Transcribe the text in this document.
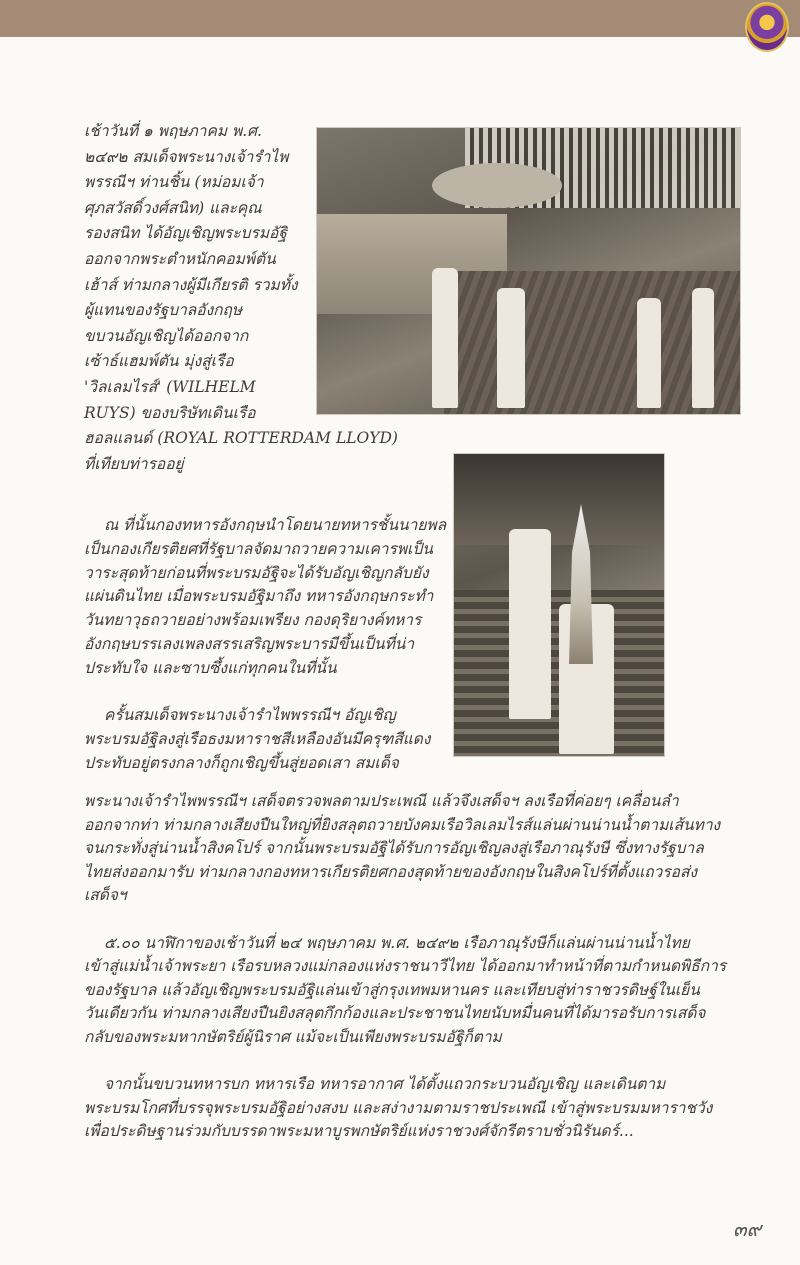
๓๙
เช้าวันที่ ๑ พฤษภาคม พ.ศ.
๒๔๙๒ สมเด็จพระนางเจ้ารำไพ
พรรณีฯ ท่านชิ้น (หม่อมเจ้า
ศุภสวัสดิ์วงศ์สนิท) และคุณ
รองสนิท ได้อัญเชิญพระบรมอัฐิ
ออกจากพระตำหนักคอมพ์ตัน
เฮ้าส์ ท่ามกลางผู้มีเกียรติ รวมทั้ง
ผู้แทนของรัฐบาลอังกฤษ
ขบวนอัญเชิญได้ออกจาก
เซ้าธ์แฮมพ์ตัน มุ่งสู่เรือ
'วิลเลมไรส์' (WILHELM
RUYS) ของบริษัทเดินเรือ
ฮอลแลนด์ (ROYAL ROTTERDAM LLOYD)
ที่เทียบท่ารออยู่
ณ ที่นั้นกองทหารอังกฤษนำโดยนายทหารชั้นนายพล
เป็นกองเกียรติยศที่รัฐบาลจัดมาถวายความเคารพเป็น
วาระสุดท้ายก่อนที่พระบรมอัฐิจะได้รับอัญเชิญกลับยัง
แผ่นดินไทย เมื่อพระบรมอัฐิมาถึง ทหารอังกฤษกระทำ
วันทยาวุธถวายอย่างพร้อมเพรียง กองดุริยางค์ทหาร
อังกฤษบรรเลงเพลงสรรเสริญพระบารมีขึ้นเป็นที่น่า
ประทับใจ และซาบซึ้งแก่ทุกคนในที่นั้น
ครั้นสมเด็จพระนางเจ้ารำไพพรรณีฯ อัญเชิญ
พระบรมอัฐิลงสู่เรือธงมหาราชสีเหลืองอันมีครุฑสีแดง
ประทับอยู่ตรงกลางก็ถูกเชิญขึ้นสู่ยอดเสา สมเด็จ
พระนางเจ้ารำไพพรรณีฯ เสด็จตรวจพลตามประเพณี แล้วจึงเสด็จฯ ลงเรือที่ค่อยๆ เคลื่อนลำ
ออกจากท่า ท่ามกลางเสียงปืนใหญ่ที่ยิงสลุตถวายบังคมเรือวิลเลมไรส์แล่นผ่านน่านน้ำตามเส้นทาง
จนกระทั่งสู่น่านน้ำสิงคโปร์ จากนั้นพระบรมอัฐิได้รับการอัญเชิญลงสู่เรือภาณุรังษี ซึ่งทางรัฐบาล
ไทยส่งออกมารับ ท่ามกลางกองทหารเกียรติยศกองสุดท้ายของอังกฤษในสิงคโปร์ที่ตั้งแถวรอส่ง
เสด็จฯ
๕.๐๐ นาฬิกาของเช้าวันที่ ๒๔ พฤษภาคม พ.ศ. ๒๔๙๒ เรือภาณุรังษีก็แล่นผ่านน่านน้ำไทย
เข้าสู่แม่น้ำเจ้าพระยา เรือรบหลวงแม่กลองแห่งราชนาวีไทย ได้ออกมาทำหน้าที่ตามกำหนดพิธีการ
ของรัฐบาล แล้วอัญเชิญพระบรมอัฐิแล่นเข้าสู่กรุงเทพมหานคร และเทียบสู่ท่าราชวรดิษฐ์ในเย็น
วันเดียวกัน ท่ามกลางเสียงปืนยิงสลุตกึกก้องและประชาชนไทยนับหมื่นคนที่ได้มารอรับการเสด็จ
กลับของพระมหากษัตริย์ผู้นิราศ แม้จะเป็นเพียงพระบรมอัฐิก็ตาม
จากนั้นขบวนทหารบก ทหารเรือ ทหารอากาศ ได้ตั้งแถวกระบวนอัญเชิญ และเดินตาม
พระบรมโกศที่บรรจุพระบรมอัฐิอย่างสงบ และสง่างามตามราชประเพณี เข้าสู่พระบรมมหาราชวัง
เพื่อประดิษฐานร่วมกับบรรดาพระมหาบูรพกษัตริย์แห่งราชวงศ์จักรีตราบชั่วนิรันดร์...
